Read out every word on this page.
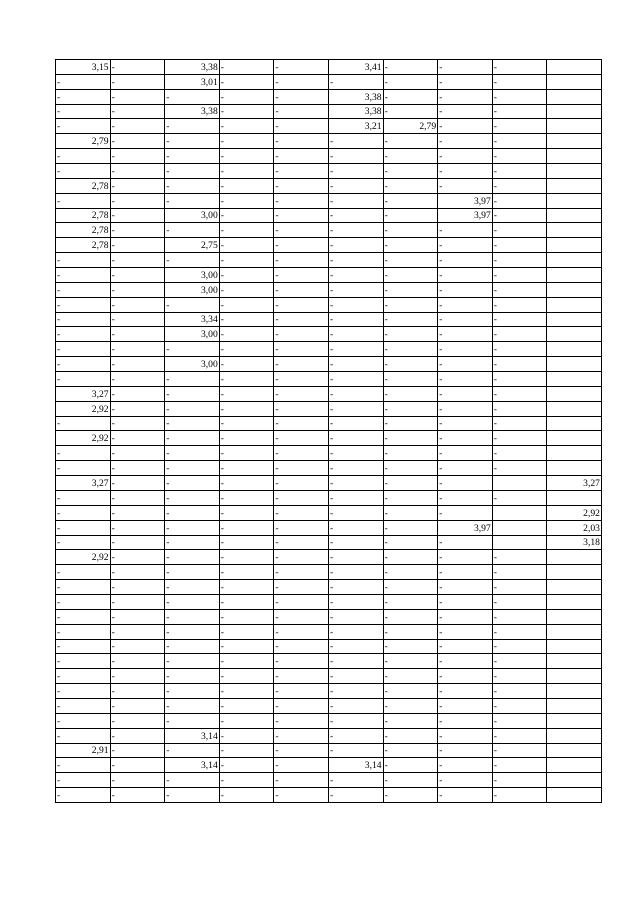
3,15	-	3,38	-	-	3,41	-	-	-	
-	-	3,01	-	-	-	-	-	-	
-	-	-	-	-	3,38	-	-	-	
-	-	3,38	-	-	3,38	-	-	-	
-	-	-	-	-	3,21	2,79	-	-	
2,79	-	-	-	-	-	-	-	-	
-	-	-	-	-	-	-	-	-	
-	-	-	-	-	-	-	-	-	
2,78	-	-	-	-	-	-	-	-	
-	-	-	-	-	-	-	3,97	-	
2,78	-	3,00	-	-	-	-	3,97	-	
2,78	-	-	-	-	-	-	-	-	
2,78	-	2,75	-	-	-	-	-	-	
-	-	-	-	-	-	-	-	-	
-	-	3,00	-	-	-	-	-	-	
-	-	3,00	-	-	-	-	-	-	
-	-	-	-	-	-	-	-	-	
-	-	3,34	-	-	-	-	-	-	
-	-	3,00	-	-	-	-	-	-	
-	-	-	-	-	-	-	-	-	
-	-	3,00	-	-	-	-	-	-	
-	-	-	-	-	-	-	-	-	
3,27	-	-	-	-	-	-	-	-	
2,92	-	-	-	-	-	-	-	-	
-	-	-	-	-	-	-	-	-	
2,92	-	-	-	-	-	-	-	-	
-	-	-	-	-	-	-	-	-	
-	-	-	-	-	-	-	-	-	
3,27	-	-	-	-	-	-	-		3,27
-	-	-	-	-	-	-	-	-	
-	-	-	-	-	-	-	-		2,92
-	-	-	-	-	-	-	3,97		2,03
-	-	-	-	-	-	-	-		3,18
2,92	-	-	-	-	-	-	-	-	
-	-	-	-	-	-	-	-	-	
-	-	-	-	-	-	-	-	-	
-	-	-	-	-	-	-	-	-	
-	-	-	-	-	-	-	-	-	
-	-	-	-	-	-	-	-	-	
-	-	-	-	-	-	-	-	-	
-	-	-	-	-	-	-	-	-	
-	-	-	-	-	-	-	-	-	
-	-	-	-	-	-	-	-	-	
-	-	-	-	-	-	-	-	-	
-	-	-	-	-	-	-	-	-	
-	-	3,14	-	-	-	-	-	-	
2,91	-	-	-	-	-	-	-	-	
-	-	3,14	-	-	3,14	-	-	-	
-	-	-	-	-	-	-	-	-	
-	-	-	-	-	-	-	-	-	
